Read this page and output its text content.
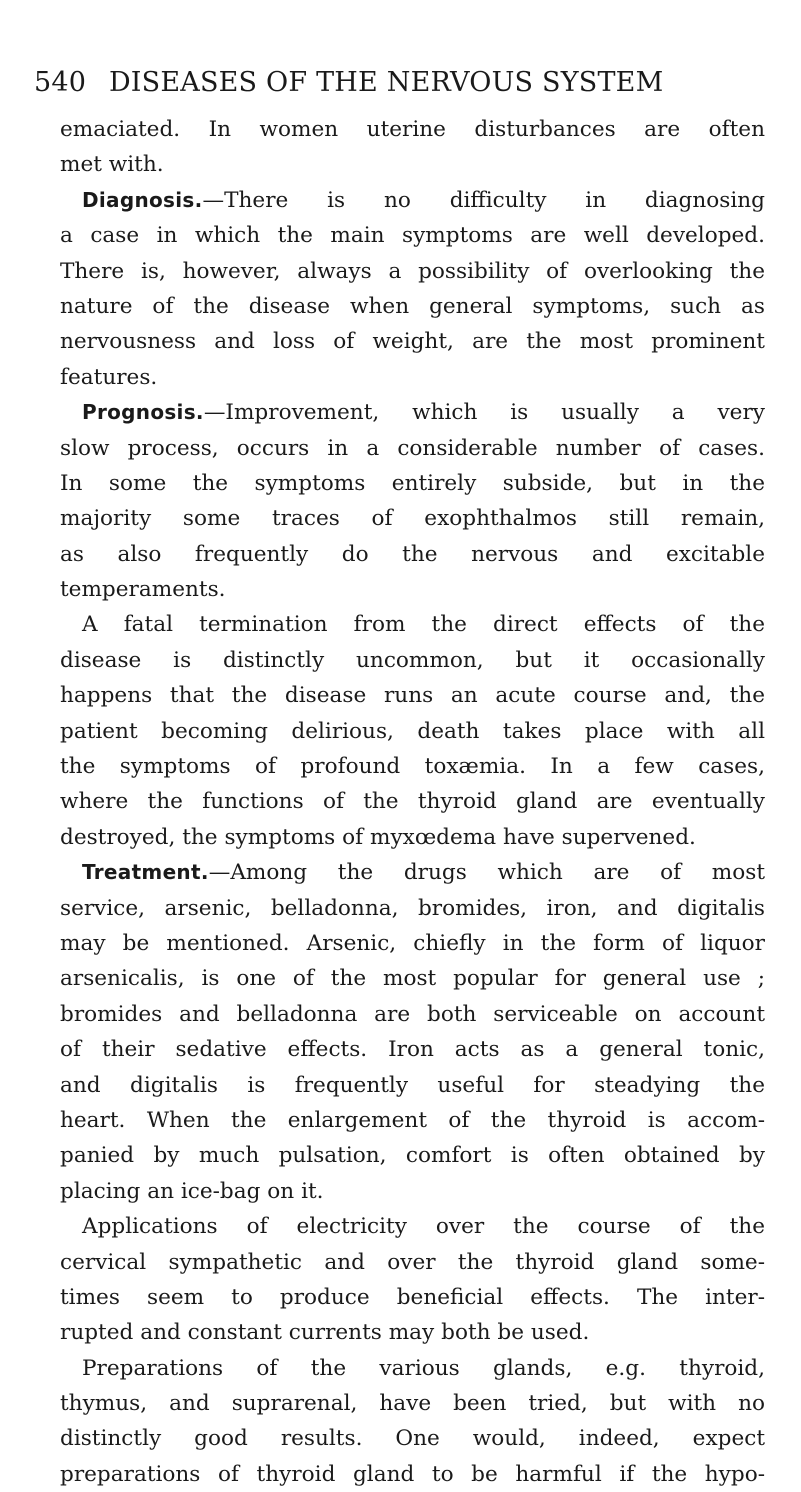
540 DISEASES OF THE NERVOUS SYSTEM
emaciated. In women uterine disturbances are often
met with.
Diagnosis.—There is no difficulty in diagnosing
a case in which the main symptoms are well developed.
There is, however, always a possibility of overlooking the
nature of the disease when general symptoms, such as
nervousness and loss of weight, are the most prominent
features.
Prognosis.—Improvement, which is usually a very
slow process, occurs in a considerable number of cases.
In some the symptoms entirely subside, but in the
majority some traces of exophthalmos still remain,
as also frequently do the nervous and excitable
temperaments.
A fatal termination from the direct effects of the
disease is distinctly uncommon, but it occasionally
happens that the disease runs an acute course and, the
patient becoming delirious, death takes place with all
the symptoms of profound toxæmia. In a few cases,
where the functions of the thyroid gland are eventually
destroyed, the symptoms of myxœdema have supervened.
Treatment.—Among the drugs which are of most
service, arsenic, belladonna, bromides, iron, and digitalis
may be mentioned. Arsenic, chiefly in the form of liquor
arsenicalis, is one of the most popular for general use ;
bromides and belladonna are both serviceable on account
of their sedative effects. Iron acts as a general tonic,
and digitalis is frequently useful for steadying the
heart. When the enlargement of the thyroid is accom-
panied by much pulsation, comfort is often obtained by
placing an ice-bag on it.
Applications of electricity over the course of the
cervical sympathetic and over the thyroid gland some-
times seem to produce beneficial effects. The inter-
rupted and constant currents may both be used.
Preparations of the various glands, e.g. thyroid,
thymus, and suprarenal, have been tried, but with no
distinctly good results. One would, indeed, expect
preparations of thyroid gland to be harmful if the hypo-
